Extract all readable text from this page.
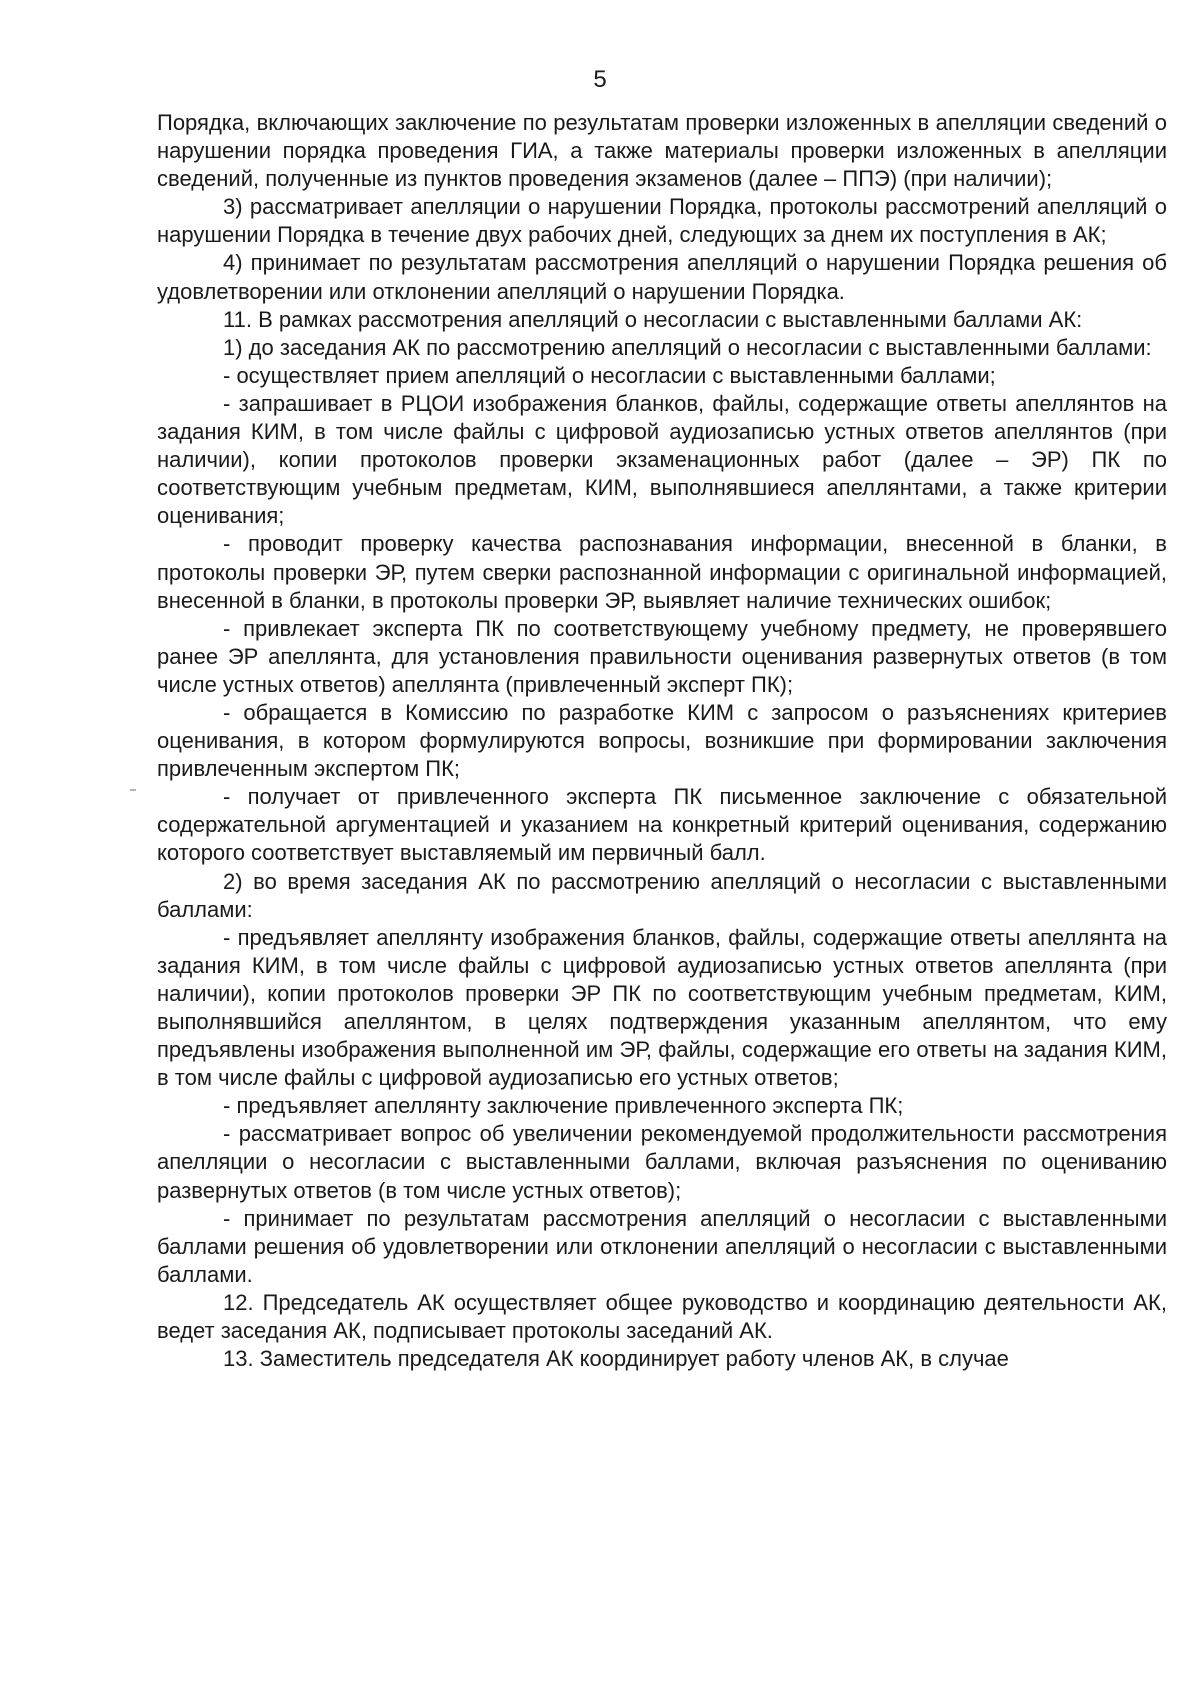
5

Порядка, включающих заключение по результатам проверки изложенных в апелляции сведений о нарушении порядка проведения ГИА, а также материалы проверки изложенных в апелляции сведений, полученные из пунктов проведения экзаменов (далее – ППЭ) (при наличии);

3) рассматривает апелляции о нарушении Порядка, протоколы рассмотрений апелляций о нарушении Порядка в течение двух рабочих дней, следующих за днем их поступления в АК;

4) принимает по результатам рассмотрения апелляций о нарушении Порядка решения об удовлетворении или отклонении апелляций о нарушении Порядка.

11. В рамках рассмотрения апелляций о несогласии с выставленными баллами АК:

1) до заседания АК по рассмотрению апелляций о несогласии с выставленными баллами:

- осуществляет прием апелляций о несогласии с выставленными баллами;

- запрашивает в РЦОИ изображения бланков, файлы, содержащие ответы апеллянтов на задания КИМ, в том числе файлы с цифровой аудиозаписью устных ответов апеллянтов (при наличии), копии протоколов проверки экзаменационных работ (далее – ЭР) ПК по соответствующим учебным предметам, КИМ, выполнявшиеся апеллянтами, а также критерии оценивания;

- проводит проверку качества распознавания информации, внесенной в бланки, в протоколы проверки ЭР, путем сверки распознанной информации с оригинальной информацией, внесенной в бланки, в протоколы проверки ЭР, выявляет наличие технических ошибок;

- привлекает эксперта ПК по соответствующему учебному предмету, не проверявшего ранее ЭР апеллянта, для установления правильности оценивания развернутых ответов (в том числе устных ответов) апеллянта (привлеченный эксперт ПК);

- обращается в Комиссию по разработке КИМ с запросом о разъяснениях критериев оценивания, в котором формулируются вопросы, возникшие при формировании заключения привлеченным экспертом ПК;

- получает от привлеченного эксперта ПК письменное заключение с обязательной содержательной аргументацией и указанием на конкретный критерий оценивания, содержанию которого соответствует выставляемый им первичный балл.

2) во время заседания АК по рассмотрению апелляций о несогласии с выставленными баллами:

- предъявляет апеллянту изображения бланков, файлы, содержащие ответы апеллянта на задания КИМ, в том числе файлы с цифровой аудиозаписью устных ответов апеллянта (при наличии), копии протоколов проверки ЭР ПК по соответствующим учебным предметам, КИМ, выполнявшийся апеллянтом, в целях подтверждения указанным апеллянтом, что ему предъявлены изображения выполненной им ЭР, файлы, содержащие его ответы на задания КИМ, в том числе файлы с цифровой аудиозаписью его устных ответов;

- предъявляет апеллянту заключение привлеченного эксперта ПК;

- рассматривает вопрос об увеличении рекомендуемой продолжительности рассмотрения апелляции о несогласии с выставленными баллами, включая разъяснения по оцениванию развернутых ответов (в том числе устных ответов);

- принимает по результатам рассмотрения апелляций о несогласии с выставленными баллами решения об удовлетворении или отклонении апелляций о несогласии с выставленными баллами.

12. Председатель АК осуществляет общее руководство и координацию деятельности АК, ведет заседания АК, подписывает протоколы заседаний АК.

13. Заместитель председателя АК координирует работу членов АК, в случае
